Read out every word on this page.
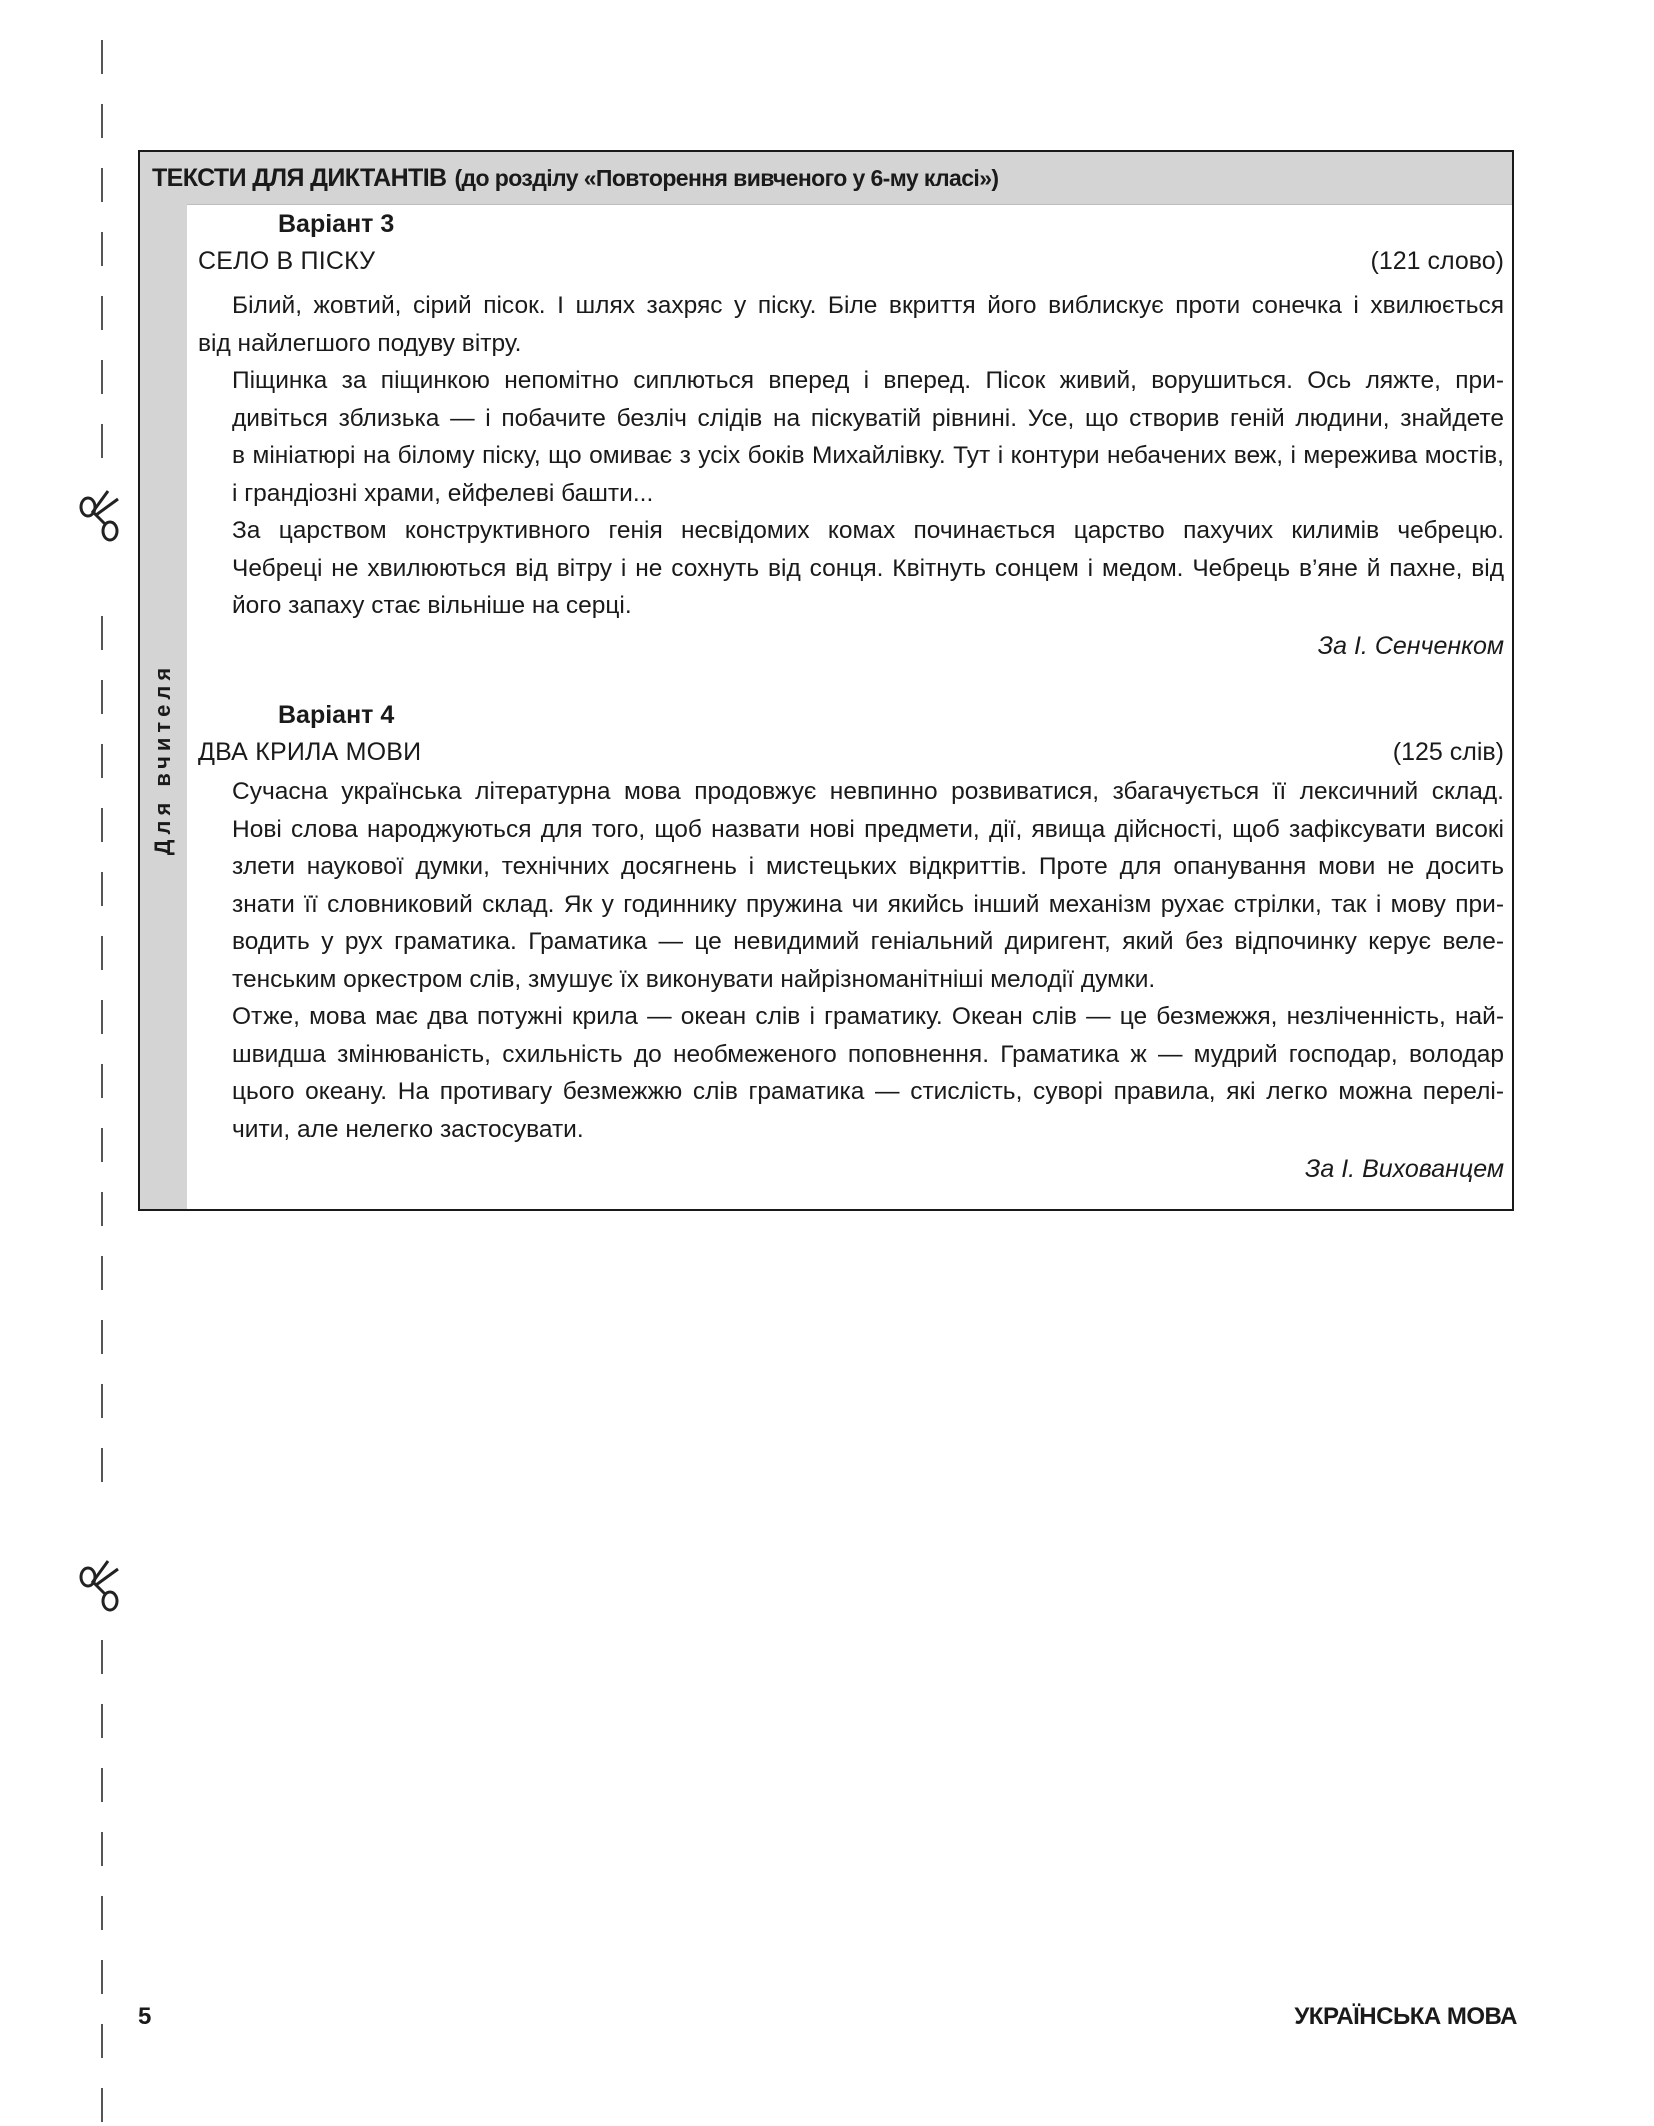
ТЕКСТИ ДЛЯ ДИКТАНТІВ (до розділу «Повторення вивченого у 6-му класі»)
Для вчителя
Варіант 3
СЕЛО В ПІСКУ	(121 слово)

Білий, жовтий, сірий пісок. І шлях захряс у піску. Біле вкриття його виблискує проти сонечка і хвилюється
від найлегшого подуву вітру.

Піщинка за піщинкою непомітно сиплються вперед і вперед. Пісок живий, ворушиться. Ось ляжте, при-
дивіться зблизька — і побачите безліч слідів на піскуватій рівнині. Усе, що створив геній людини, знайдете
в мініатюрі на білому піску, що омиває з усіх боків Михайлівку. Тут і контури небачених веж, і мережива мостів,
і грандіозні храми, ейфелеві башти...

За царством конструктивного генія несвідомих комах починається царство пахучих килимів чебрецю.
Чебреці не хвилюються від вітру і не сохнуть від сонця. Квітнуть сонцем і медом. Чебрець в’яне й пахне, від
його запаху стає вільніше на серці.

За І. Сенченком
Варіант 4
ДВА КРИЛА МОВИ	(125 слів)

Сучасна українська літературна мова продовжує невпинно розвиватися, збагачується її лексичний склад.
Нові слова народжуються для того, щоб назвати нові предмети, дії, явища дійсності, щоб зафіксувати високі
злети наукової думки, технічних досягнень і мистецьких відкриттів. Проте для опанування мови не досить
знати її словниковий склад. Як у годиннику пружина чи якийсь інший механізм рухає стрілки, так і мову при-
водить у рух граматика. Граматика — це невидимий геніальний диригент, який без відпочинку керує веле-
тенським оркестром слів, змушує їх виконувати найрізноманітніші мелодії думки.

Отже, мова має два потужні крила — океан слів і граматику. Океан слів — це безмежжя, незліченність, най-
швидша змінюваність, схильність до необмеженого поповнення. Граматика ж — мудрий господар, володар
цього океану. На противагу безмежжю слів граматика — стислість, суворі правила, які легко можна перелі-
чити, але нелегко застосувати.

За І. Вихованцем
5	УКРАЇНСЬКА МОВА
